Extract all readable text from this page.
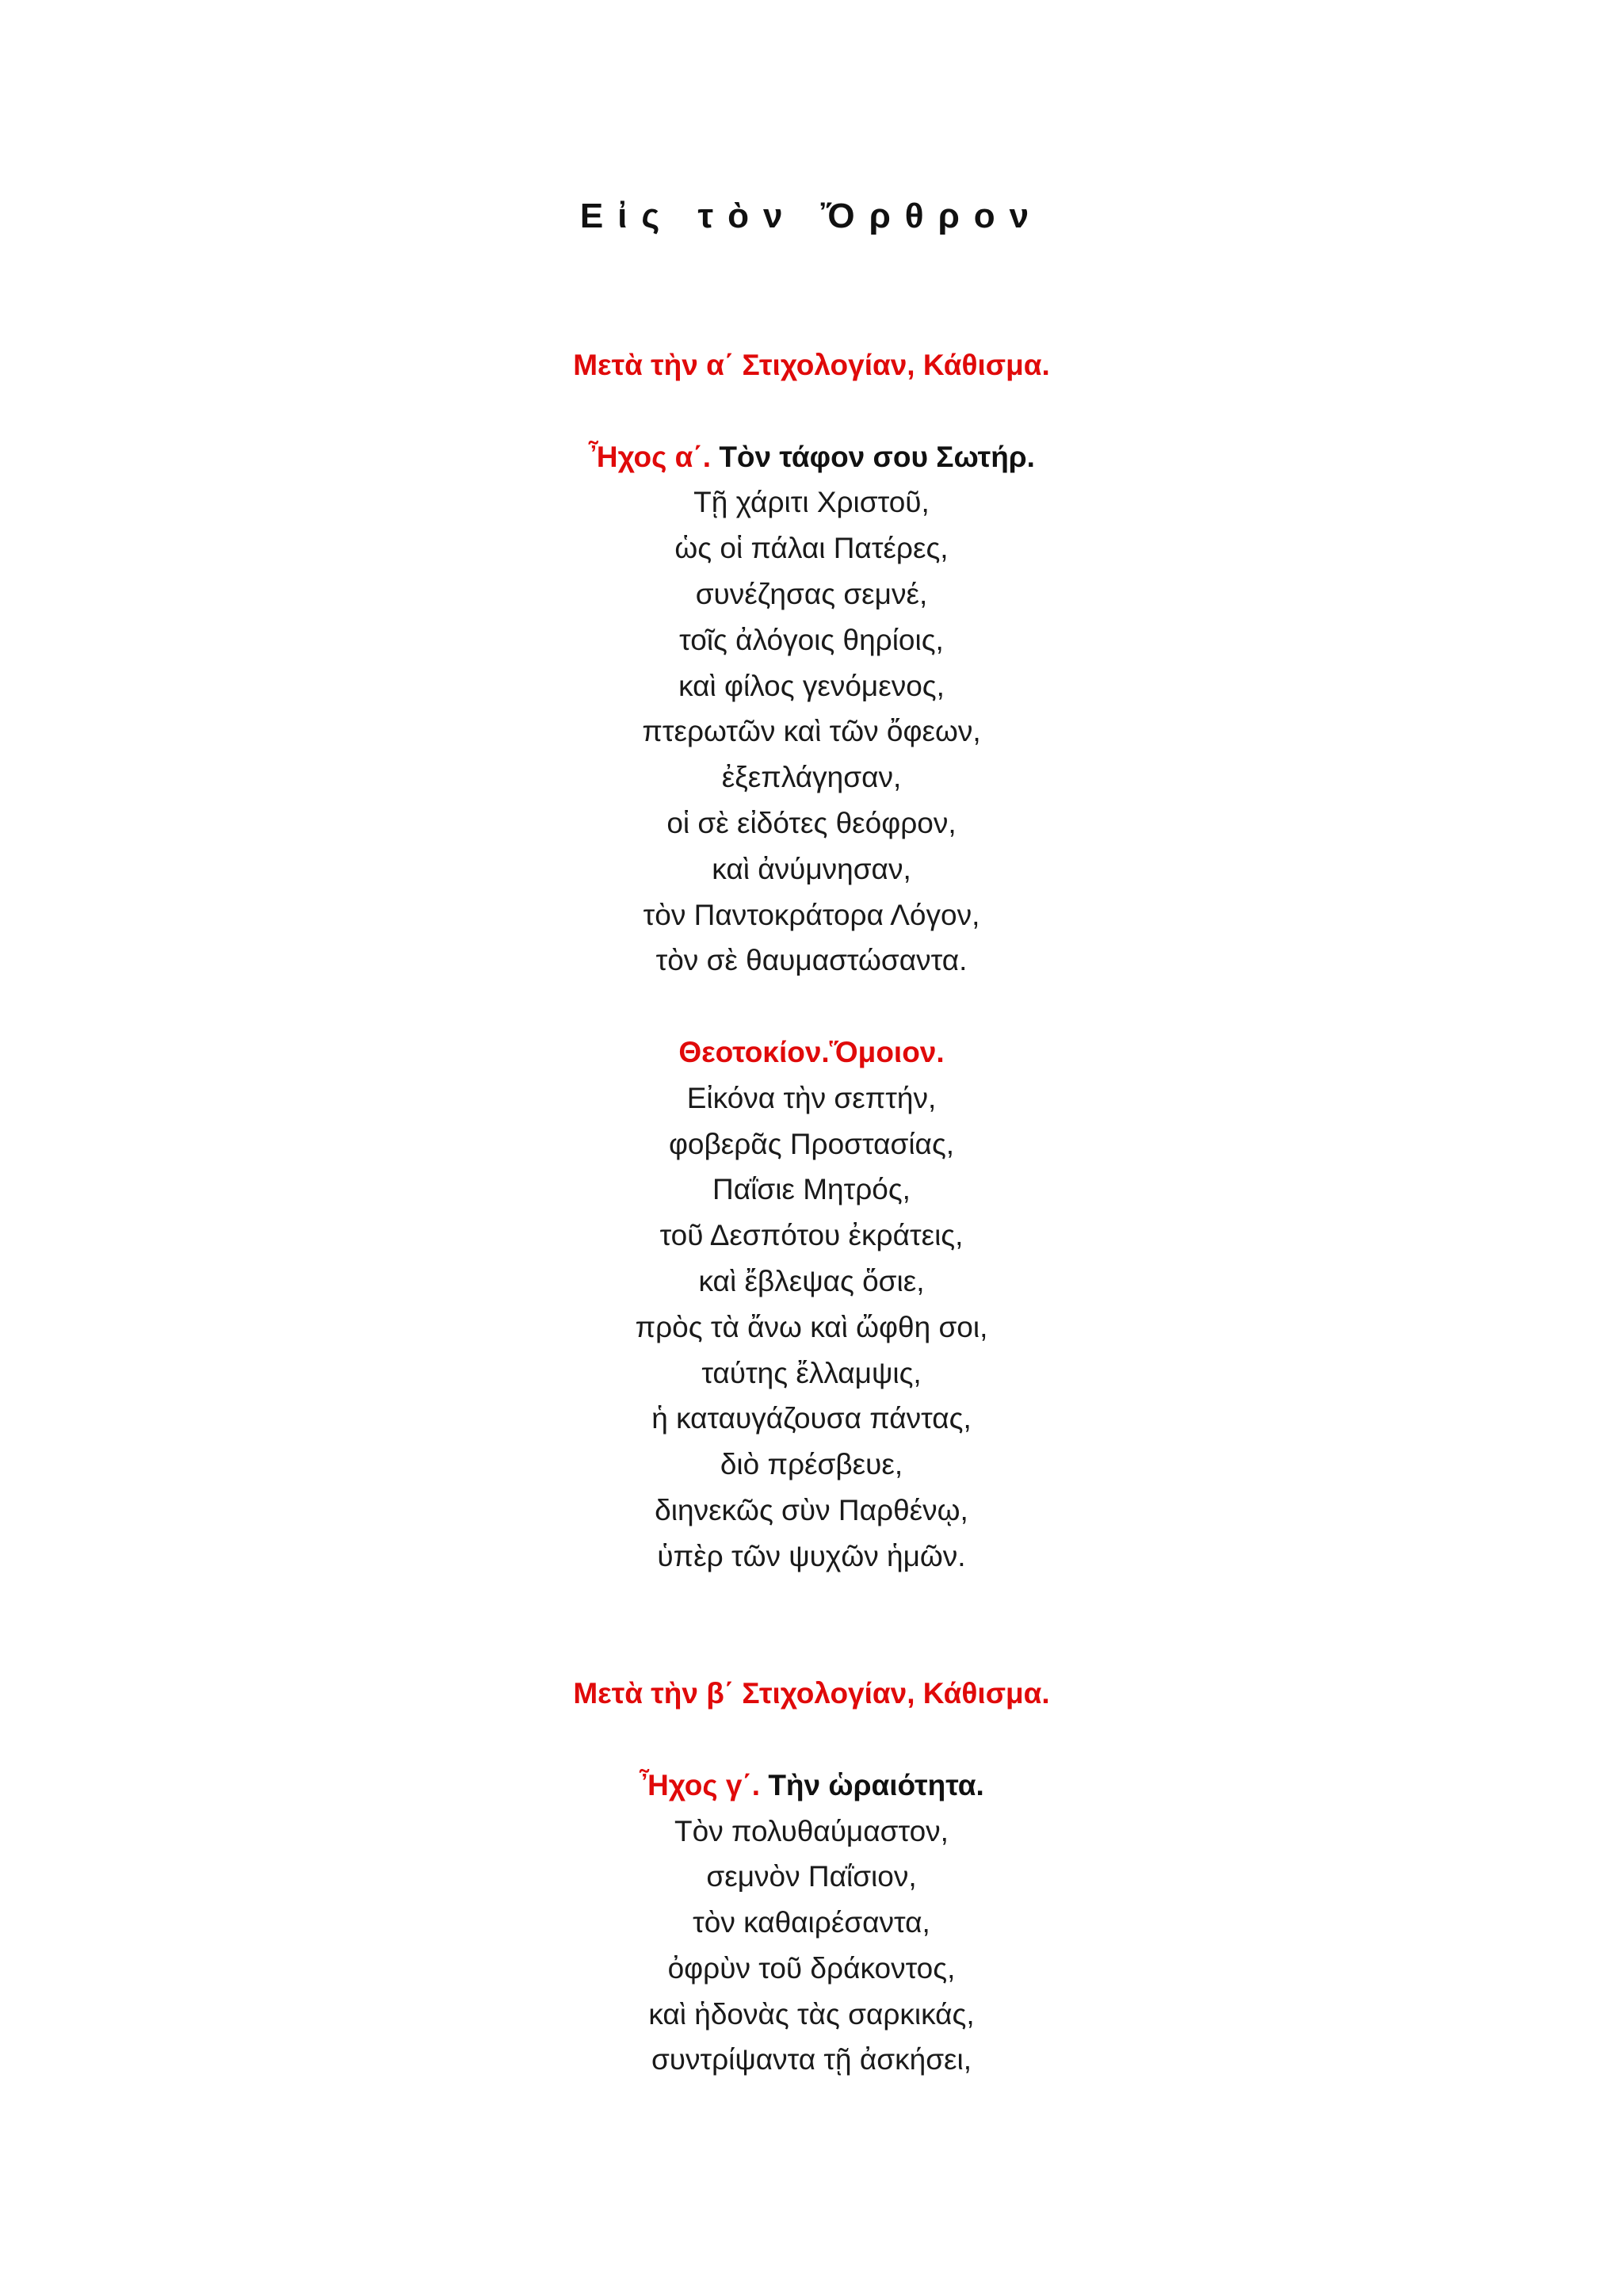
Εἰς τὸν Ὄρθρον
Μετὰ τὴν α΄ Στιχολογίαν, Κάθισμα.
Ἦχος α΄. Τὸν τάφον σου Σωτήρ.
Τῇ χάριτι Χριστοῦ,
ὡς οἱ πάλαι Πατέρες,
συνέζησας σεμνέ,
τοῖς ἀλόγοις θηρίοις,
καὶ φίλος γενόμενος,
πτερωτῶν καὶ τῶν ὄφεων,
ἐξεπλάγησαν,
οἱ σὲ εἰδότες θεόφρον,
καὶ ἀνύμνησαν,
τὸν Παντοκράτορα Λόγον,
τὸν σὲ θαυμαστώσαντα.
Θεοτοκίον.Ὅμοιον.
Εἰκόνα τὴν σεπτήν,
φοβερᾶς Προστασίας,
Παΐσιε Μητρός,
τοῦ Δεσπότου ἐκράτεις,
καὶ ἔβλεψας ὅσιε,
πρὸς τὰ ἄνω καὶ ὤφθη σοι,
ταύτης ἔλλαμψις,
ἡ καταυγάζουσα πάντας,
διὸ πρέσβευε,
διηνεκῶς σὺν Παρθένῳ,
ὑπὲρ τῶν ψυχῶν ἡμῶν.
Μετὰ τὴν β΄ Στιχολογίαν, Κάθισμα.
Ἦχος γ΄. Τὴν ὡραιότητα.
Τὸν πολυθαύμαστον,
σεμνὸν Παΐσιον,
τὸν καθαιρέσαντα,
ὀφρὺν τοῦ δράκοντος,
καὶ ἡδονὰς τὰς σαρκικάς,
συντρίψαντα τῇ ἀσκήσει,
